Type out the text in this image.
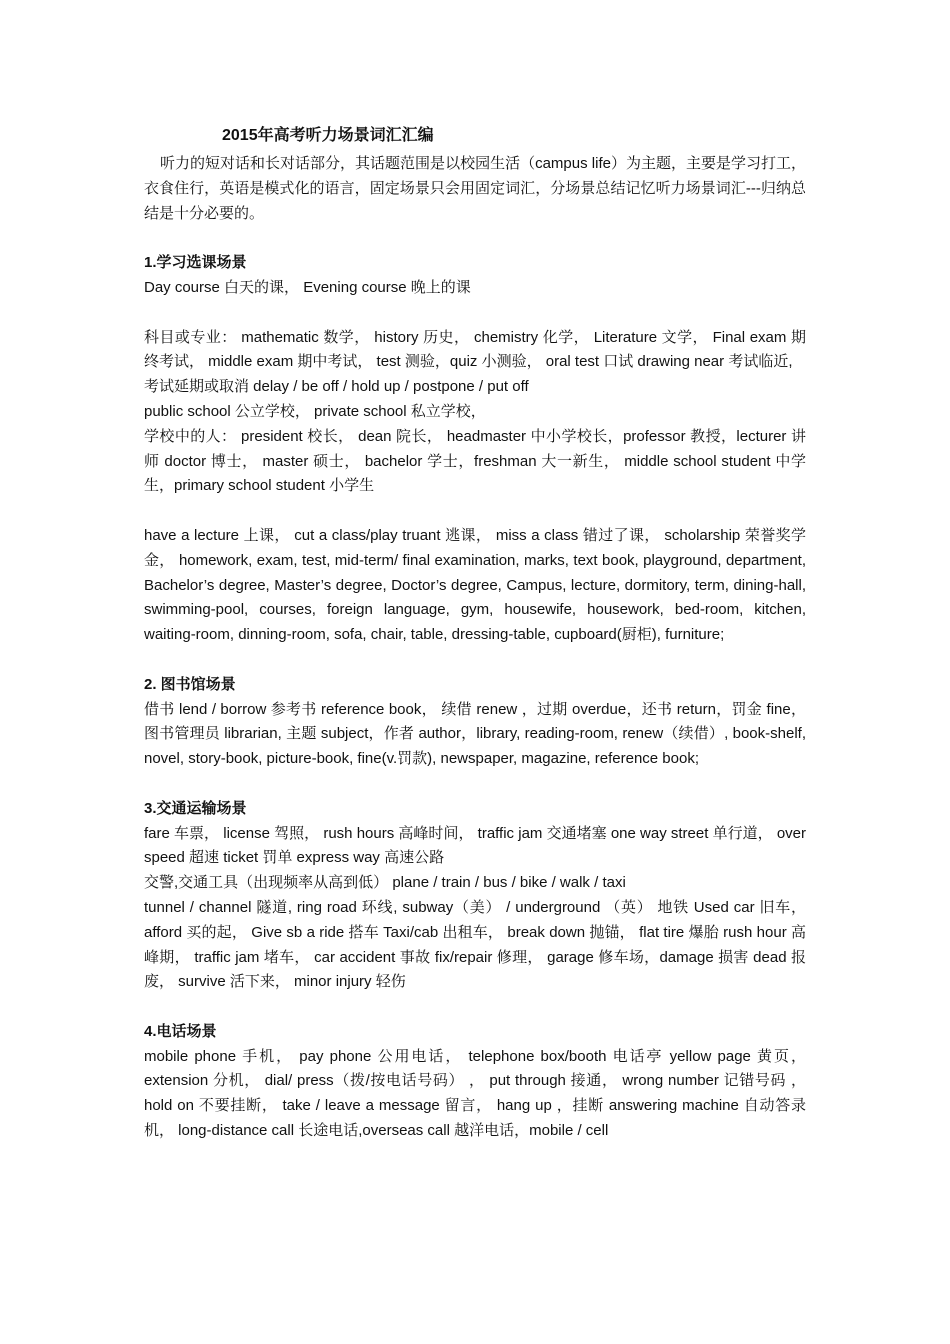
2015年高考听力场景词汇汇编

听力的短对话和长对话部分，其话题范围是以校园生活（campus life）为主题，主要是学习打工，衣食住行，英语是模式化的语言，固定场景只会用固定词汇，分场景总结记忆听力场景词汇---归纳总结是十分必要的。

1.学习选课场景

Day course 白天的课， Evening course 晚上的课

科目或专业： mathematic 数学， history 历史， chemistry 化学， Literature 文学， Final exam 期终考试， middle exam 期中考试， test 测验，quiz 小测验， oral test 口试 drawing near 考试临近,

考试延期或取消 delay / be off / hold up / postpone / put off

public school 公立学校， private school 私立学校，

学校中的人： president 校长， dean 院长， headmaster 中小学校长，professor 教授，lecturer 讲师 doctor 博士， master 硕士， bachelor 学士，freshman 大一新生， middle school student 中学生，primary school student 小学生

have a lecture 上课， cut a class/play truant 逃课， miss a class 错过了课， scholarship 荣誉奖学金， homework, exam, test, mid-term/ final examination, marks, text book, playground, department, Bachelor’s degree, Master’s degree, Doctor’s degree, Campus, lecture, dormitory, term, dining-hall, swimming-pool, courses, foreign language, gym, housewife, housework, bed-room, kitchen, waiting-room, dinning-room, sofa, chair, table, dressing-table, cupboard(厨柜), furniture;

2. 图书馆场景

借书 lend / borrow 参考书 reference book， 续借 renew ，过期 overdue，还书 return，罚金 fine， 图书管理员 librarian, 主题 subject，作者 author，library, reading-room, renew（续借）, book-shelf, novel, story-book, picture-book, fine(v.罚款), newspaper, magazine, reference book;

3.交通运输场景

fare 车票， license 驾照， rush hours 高峰时间， traffic jam 交通堵塞 one way street 单行道， over speed 超速 ticket 罚单 express way 高速公路

交警,交通工具（出现频率从高到低） plane / train / bus / bike / walk / taxi

tunnel / channel 隧道, ring road 环线, subway（美） / underground （英） 地铁 Used car 旧车， afford 买的起， Give sb a ride 搭车 Taxi/cab 出租车， break down 抛锚， flat tire 爆胎 rush hour 高峰期， traffic jam 堵车， car accident 事故 fix/repair 修理， garage 修车场，damage 损害 dead 报废， survive 活下来， minor injury 轻伤

4.电话场景

mobile phone 手机， pay phone 公用电话， telephone box/booth 电话亭 yellow page 黄页， extension 分机， dial/ press（拨/按电话号码） ， put through 接通， wrong number 记错号码 ，hold on 不要挂断， take / leave a message 留言， hang up ，挂断 answering machine 自动答录机， long-distance call 长途电话,overseas call 越洋电话，mobile / cell
